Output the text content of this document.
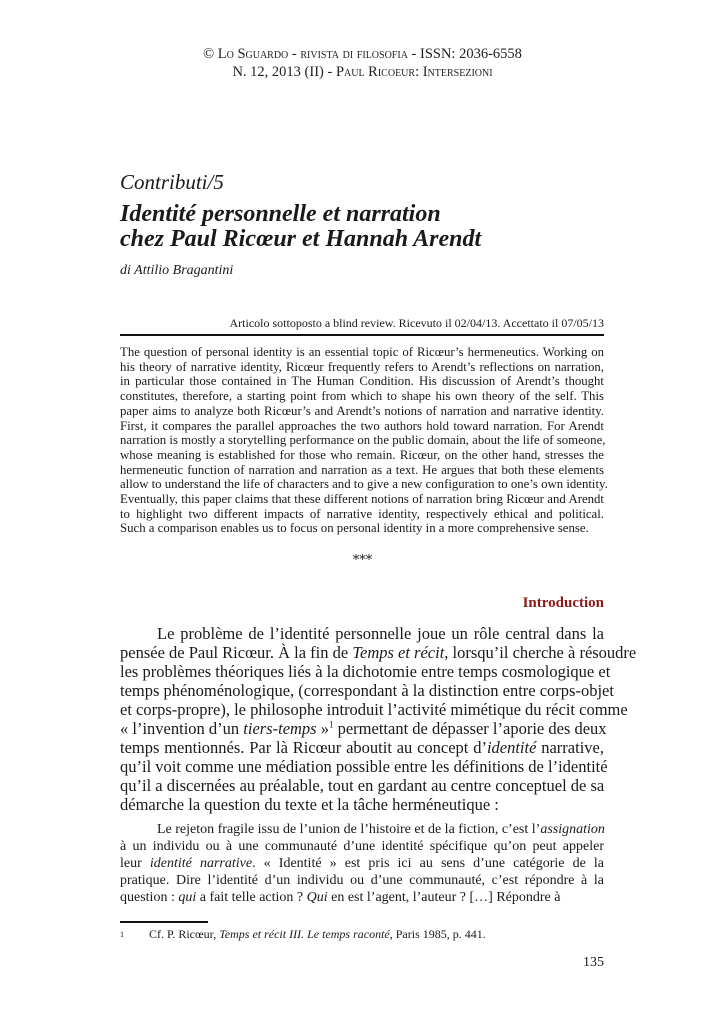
© Lo Sguardo - rivista di filosofia - ISSN: 2036-6558
N. 12, 2013 (II) - Paul Ricoeur: Intersezioni
Contributi/5
Identité personnelle et narration
chez Paul Ricœur et Hannah Arendt
di Attilio Bragantini
Articolo sottoposto a blind review. Ricevuto il 02/04/13. Accettato il 07/05/13
The question of personal identity is an essential topic of Ricœur’s hermeneutics. Working on
his theory of narrative identity, Ricœur frequently refers to Arendt’s reflections on narration,
in particular those contained in The Human Condition. His discussion of Arendt’s thought
constitutes, therefore, a starting point from which to shape his own theory of the self. This
paper aims to analyze both Ricœur’s and Arendt’s notions of narration and narrative identity.
First, it compares the parallel approaches the two authors hold toward narration. For Arendt
narration is mostly a storytelling performance on the public domain, about the life of someone,
whose meaning is established for those who remain. Ricœur, on the other hand, stresses the
hermeneutic function of narration and narration as a text. He argues that both these elements
allow to understand the life of characters and to give a new configuration to one’s own identity.
Eventually, this paper claims that these different notions of narration bring Ricœur and Arendt
to highlight two different impacts of narrative identity, respectively ethical and political.
Such a comparison enables us to focus on personal identity in a more comprehensive sense.
***
Introduction
Le problème de l’identité personnelle joue un rôle central dans la
pensée de Paul Ricœur. À la fin de Temps et récit, lorsqu’il cherche à résoudre
les problèmes théoriques liés à la dichotomie entre temps cosmologique et
temps phénoménologique, (correspondant à la distinction entre corps-objet
et corps-propre), le philosophe introduit l’activité mimétique du récit comme
« l’invention d’un tiers-temps »$^1$ permettant de dépasser l’aporie des deux
temps mentionnés. Par là Ricœur aboutit au concept d’identité narrative,
qu’il voit comme une médiation possible entre les définitions de l’identité
qu’il a discernées au préalable, tout en gardant au centre conceptuel de sa
démarche la question du texte et la tâche herméneutique :
Le rejeton fragile issu de l’union de l’histoire et de la fiction, c’est l’assignation
à un individu ou à une communauté d’une identité spécifique qu’on peut appeler
leur identité narrative. « Identité » est pris ici au sens d’une catégorie de la
pratique. Dire l’identité d’un individu ou d’une communauté, c’est répondre à la
question : qui a fait telle action ? Qui en est l’agent, l’auteur ? […] Répondre à
$^1$ Cf. P. Ricœur, Temps et récit III. Le temps raconté, Paris 1985, p. 441.
135
